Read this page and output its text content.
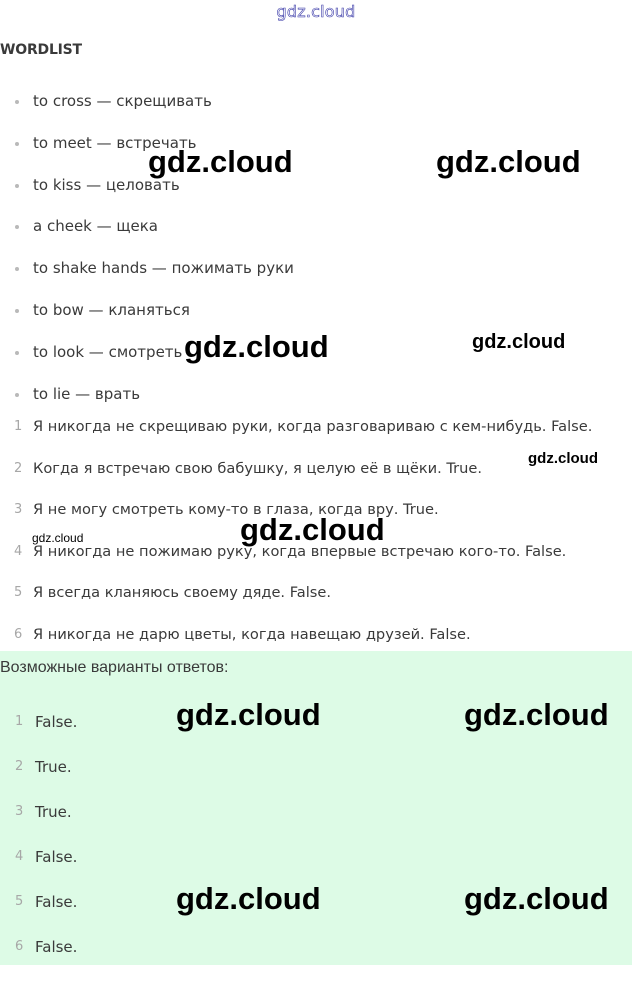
gdz.cloud
WORDLIST
to cross — скрещивать
to meet — встречать
to kiss — целовать
a cheek — щека
to shake hands — пожимать руки
to bow — кланяться
to look — смотреть
to lie — врать
1 Я никогда не скрещиваю руки, когда разговариваю с кем-нибудь. False.
2 Когда я встречаю свою бабушку, я целую её в щёки. True.
3 Я не могу смотреть кому-то в глаза, когда вру. True.
4 Я никогда не пожимаю руку, когда впервые встречаю кого-то. False.
5 Я всегда кланяюсь своему дяде. False.
6 Я никогда не дарю цветы, когда навещаю друзей. False.
Возможные варианты ответов:
1 False.
2 True.
3 True.
4 False.
5 False.
6 False.
gdz.cloud	gdz.cloud
gdz.cloud	gdz.cloud
gdz.cloud
gdz.cloud	gdz.cloud
gdz.cloud	gdz.cloud
gdz.cloud	gdz.cloud
